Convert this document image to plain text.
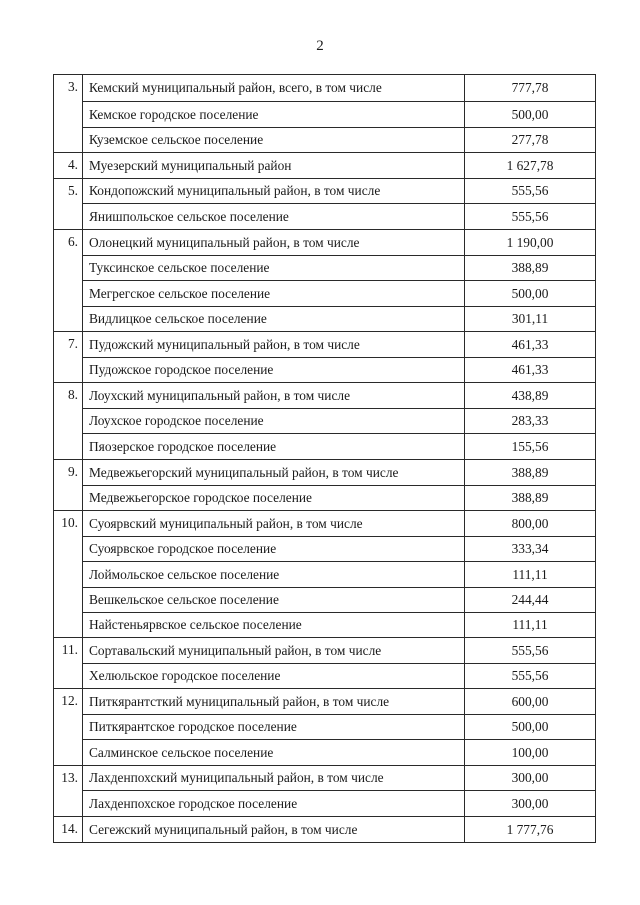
2
3.	Кемский муниципальный район, всего, в том числе	777,78
	Кемское городское поселение	500,00
	Куземское сельское поселение	277,78

4.	Муезерский муниципальный район	1 627,78

5.	Кондопожский муниципальный район, в том числе	555,56
	Янишпольское сельское поселение	555,56

6.	Олонецкий муниципальный район, в том числе	1 190,00
	Туксинское сельское поселение	388,89
	Мегрегское сельское поселение	500,00
	Видлицкое сельское поселение	301,11

7.	Пудожский муниципальный район, в том числе	461,33
	Пудожское городское поселение	461,33

8.	Лоухский муниципальный район, в том числе	438,89
	Лоухское городское поселение	283,33
	Пяозерское городское поселение	155,56

9.	Медвежьегорский муниципальный район, в том числе	388,89
	Медвежьегорское городское поселение	388,89

10.	Суоярвский муниципальный район, в том числе	800,00
	Суоярвское городское поселение	333,34
	Лоймольское сельское поселение	111,11
	Вешкельское сельское поселение	244,44
	Найстеньярвское сельское поселение	111,11

11.	Сортавальский муниципальный район, в том числе	555,56
	Хелюльское городское поселение	555,56

12.	Питкярантсткий муниципальный район, в том числе	600,00
	Питкярантское городское поселение	500,00
	Салминское сельское поселение	100,00

13.	Лахденпохский муниципальный район, в том числе	300,00
	Лахденпохское городское поселение	300,00

14.	Сегежский муниципальный район, в том числе	1 777,76
